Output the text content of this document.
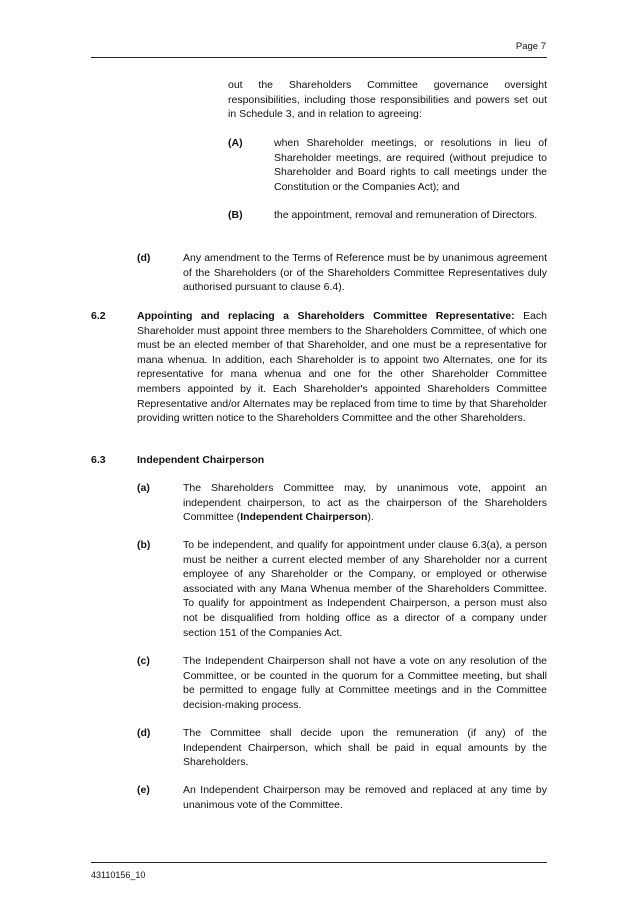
Page 7
out the Shareholders Committee governance oversight responsibilities, including those responsibilities and powers set out in Schedule 3, and in relation to agreeing:
(A)	when Shareholder meetings, or resolutions in lieu of Shareholder meetings, are required (without prejudice to Shareholder and Board rights to call meetings under the Constitution or the Companies Act); and
(B)	the appointment, removal and remuneration of Directors.
(d)	Any amendment to the Terms of Reference must be by unanimous agreement of the Shareholders (or of the Shareholders Committee Representatives duly authorised pursuant to clause 6.4).
6.2	Appointing and replacing a Shareholders Committee Representative: Each Shareholder must appoint three members to the Shareholders Committee, of which one must be an elected member of that Shareholder, and one must be a representative for mana whenua. In addition, each Shareholder is to appoint two Alternates, one for its representative for mana whenua and one for the other Shareholder Committee members appointed by it. Each Shareholder's appointed Shareholders Committee Representative and/or Alternates may be replaced from time to time by that Shareholder providing written notice to the Shareholders Committee and the other Shareholders.
6.3	Independent Chairperson
(a)	The Shareholders Committee may, by unanimous vote, appoint an independent chairperson, to act as the chairperson of the Shareholders Committee (Independent Chairperson).
(b)	To be independent, and qualify for appointment under clause 6.3(a), a person must be neither a current elected member of any Shareholder nor a current employee of any Shareholder or the Company, or employed or otherwise associated with any Mana Whenua member of the Shareholders Committee. To qualify for appointment as Independent Chairperson, a person must also not be disqualified from holding office as a director of a company under section 151 of the Companies Act.
(c)	The Independent Chairperson shall not have a vote on any resolution of the Committee, or be counted in the quorum for a Committee meeting, but shall be permitted to engage fully at Committee meetings and in the Committee decision-making process.
(d)	The Committee shall decide upon the remuneration (if any) of the Independent Chairperson, which shall be paid in equal amounts by the Shareholders.
(e)	An Independent Chairperson may be removed and replaced at any time by unanimous vote of the Committee.
43110156_10
